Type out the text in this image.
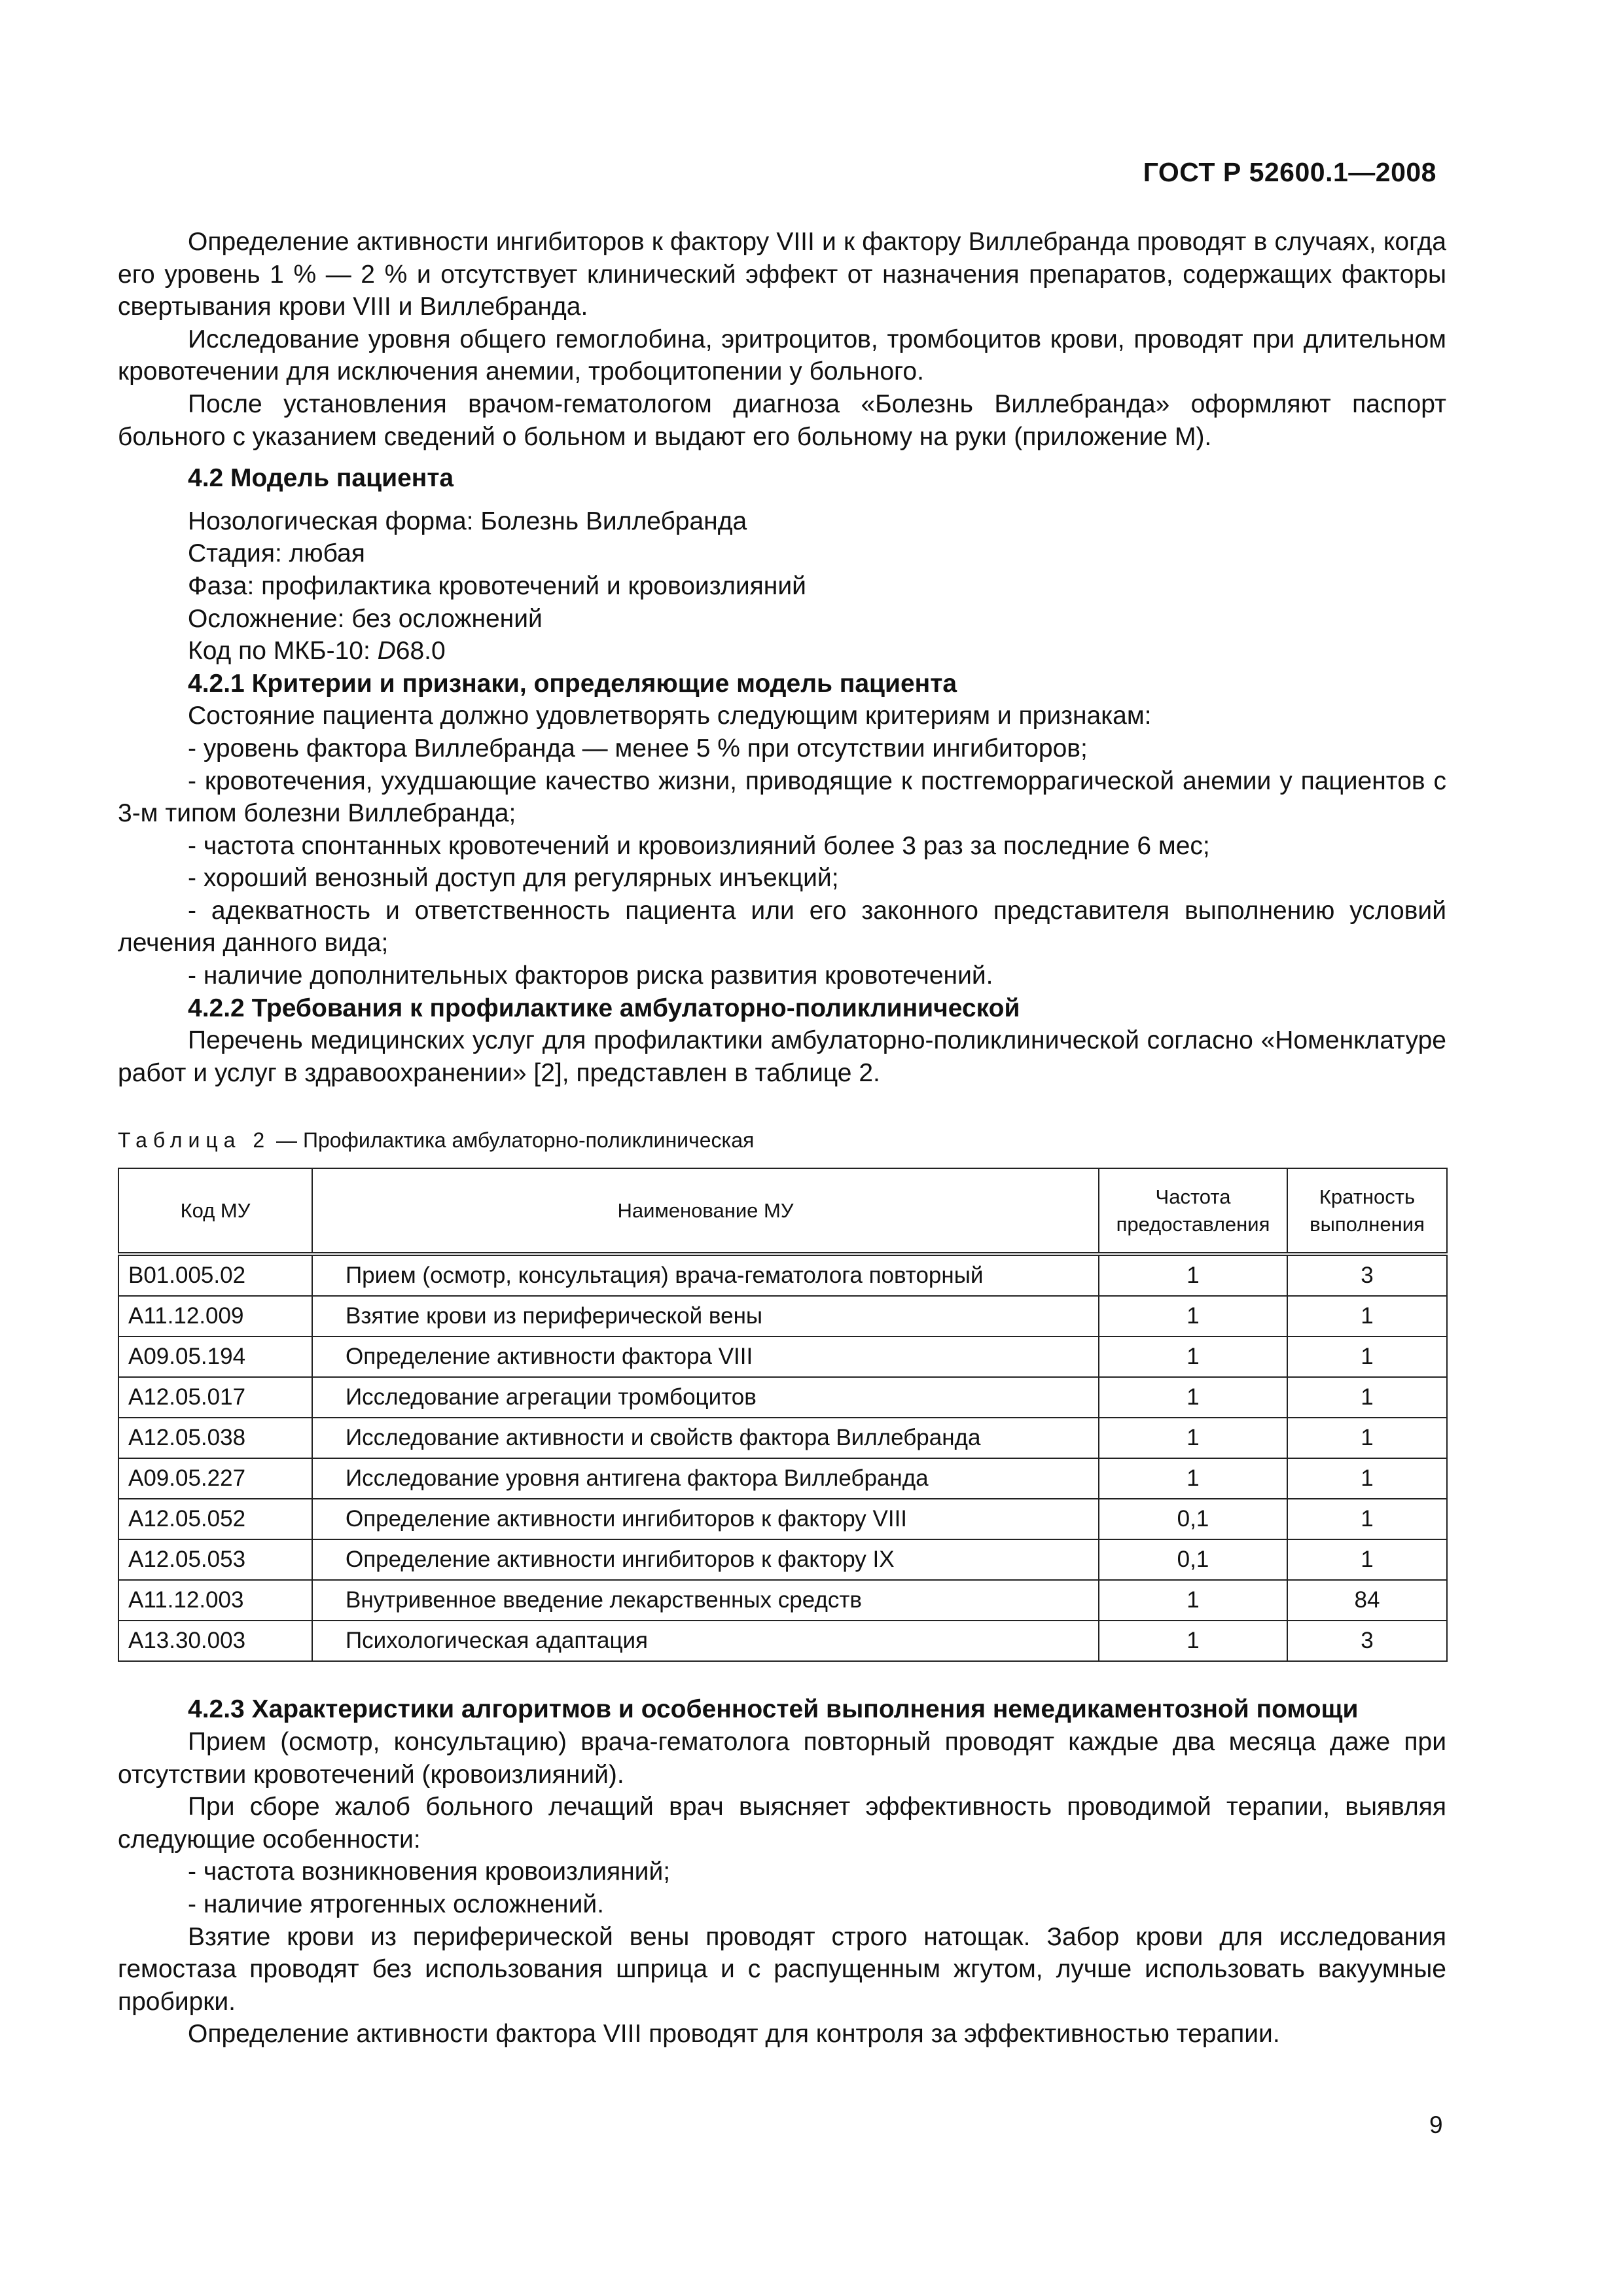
ГОСТ Р 52600.1—2008

Определение активности ингибиторов к фактору VIII и к фактору Виллебранда проводят в случаях, когда его уровень 1 % — 2 % и отсутствует клинический эффект от назначения препаратов, содержащих факторы свертывания крови VIII и Виллебранда.

Исследование уровня общего гемоглобина, эритроцитов, тромбоцитов крови, проводят при длительном кровотечении для исключения анемии, тробоцитопении у больного.

После установления врачом-гематологом диагноза «Болезнь Виллебранда» оформляют паспорт больного с указанием сведений о больном и выдают его больному на руки (приложение М).

4.2 Модель пациента
Нозологическая форма: Болезнь Виллебранда
Стадия: любая
Фаза: профилактика кровотечений и кровоизлияний
Осложнение: без осложнений
Код по МКБ-10: D68.0
4.2.1 Критерии и признаки, определяющие модель пациента
Состояние пациента должно удовлетворять следующим критериям и признакам:

- уровень фактора Виллебранда — менее 5 % при отсутствии ингибиторов;

- кровотечения, ухудшающие качество жизни, приводящие к постгеморрагической анемии у пациентов с 3-м типом болезни Виллебранда;

- частота спонтанных кровотечений и кровоизлияний более 3 раз за последние 6 мес;

- хороший венозный доступ для регулярных инъекций;

- адекватность и ответственность пациента или его законного представителя выполнению условий лечения данного вида;

- наличие дополнительных факторов риска развития кровотечений.

4.2.2 Требования к профилактике амбулаторно-поликлинической

Перечень медицинских услуг для профилактики амбулаторно-поликлинической согласно «Номенклатуре работ и услуг в здравоохранении» [2], представлен в таблице 2.

Таблица 2 — Профилактика амбулаторно-поликлиническая
Код МУ	Наименование МУ	Частота предоставления	Кратность выполнения
B01.005.02	Прием (осмотр, консультация) врача-гематолога повторный	1	3
A11.12.009	Взятие крови из периферической вены	1	1
A09.05.194	Определение активности фактора VIII	1	1
A12.05.017	Исследование агрегации тромбоцитов	1	1
A12.05.038	Исследование активности и свойств фактора Виллебранда	1	1
A09.05.227	Исследование уровня антигена фактора Виллебранда	1	1
A12.05.052	Определение активности ингибиторов к фактору VIII	0,1	1
A12.05.053	Определение активности ингибиторов к фактору IX	0,1	1
A11.12.003	Внутривенное введение лекарственных средств	1	84
A13.30.003	Психологическая адаптация	1	3
4.2.3 Характеристики алгоритмов и особенностей выполнения немедикаментозной помощи

Прием (осмотр, консультацию) врача-гематолога повторный проводят каждые два месяца даже при отсутствии кровотечений (кровоизлияний).

При сборе жалоб больного лечащий врач выясняет эффективность проводимой терапии, выявляя следующие особенности:

- частота возникновения кровоизлияний;
- наличие ятрогенных осложнений.

Взятие крови из периферической вены проводят строго натощак. Забор крови для исследования гемостаза проводят без использования шприца и с распущенным жгутом, лучше использовать вакуумные пробирки.

Определение активности фактора VIII проводят для контроля за эффективностью терапии.

9
